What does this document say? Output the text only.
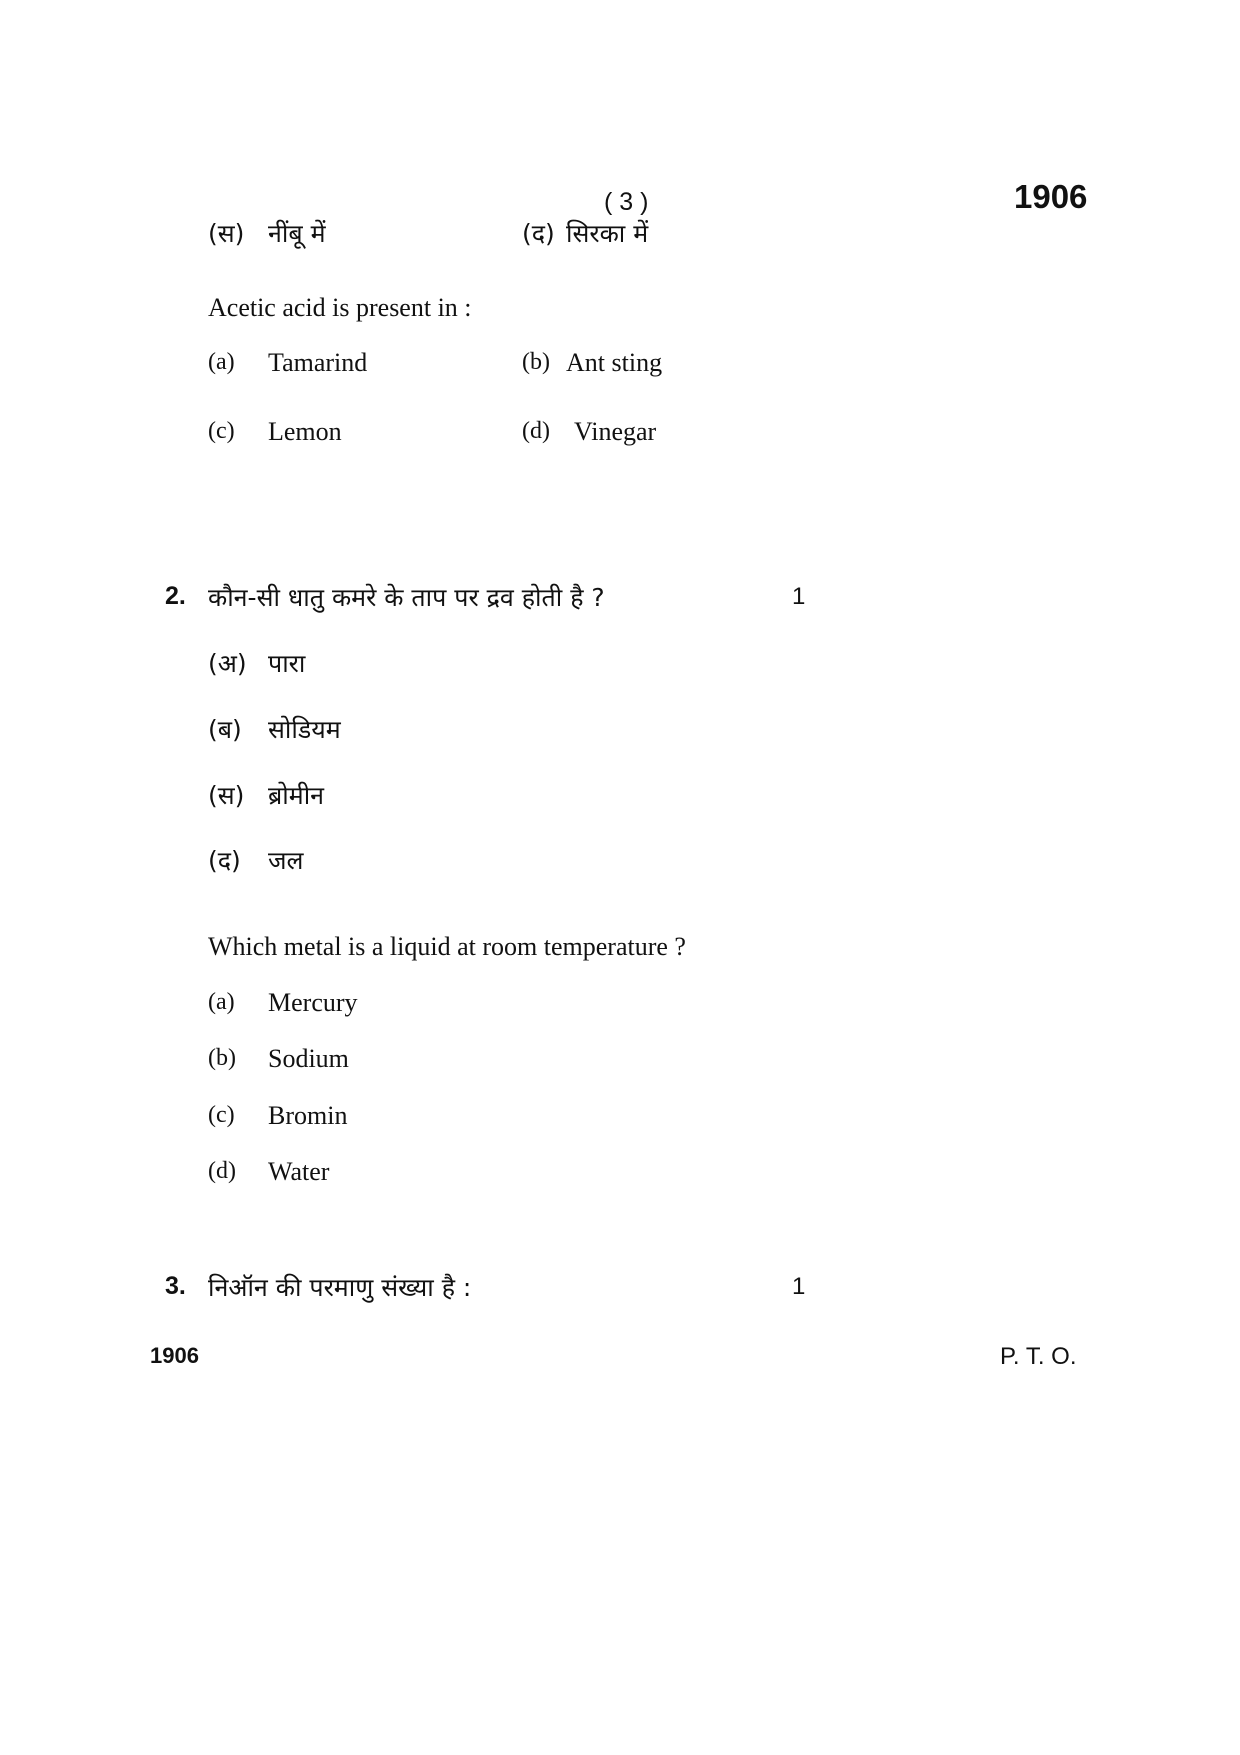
( 3 )	1906
(स) नींबू में	(द) सिरका में
Acetic acid is present in :
(a) Tamarind	(b) Ant sting
(c) Lemon	(d) Vinegar
2. कौन-सी धातु कमरे के ताप पर द्रव होती है ?	1
(अ) पारा
(ब) सोडियम
(स) ब्रोमीन
(द) जल
Which metal is a liquid at room temperature ?
(a) Mercury
(b) Sodium
(c) Bromin
(d) Water
3. निऑन की परमाणु संख्या है :	1
1906	P. T. O.
